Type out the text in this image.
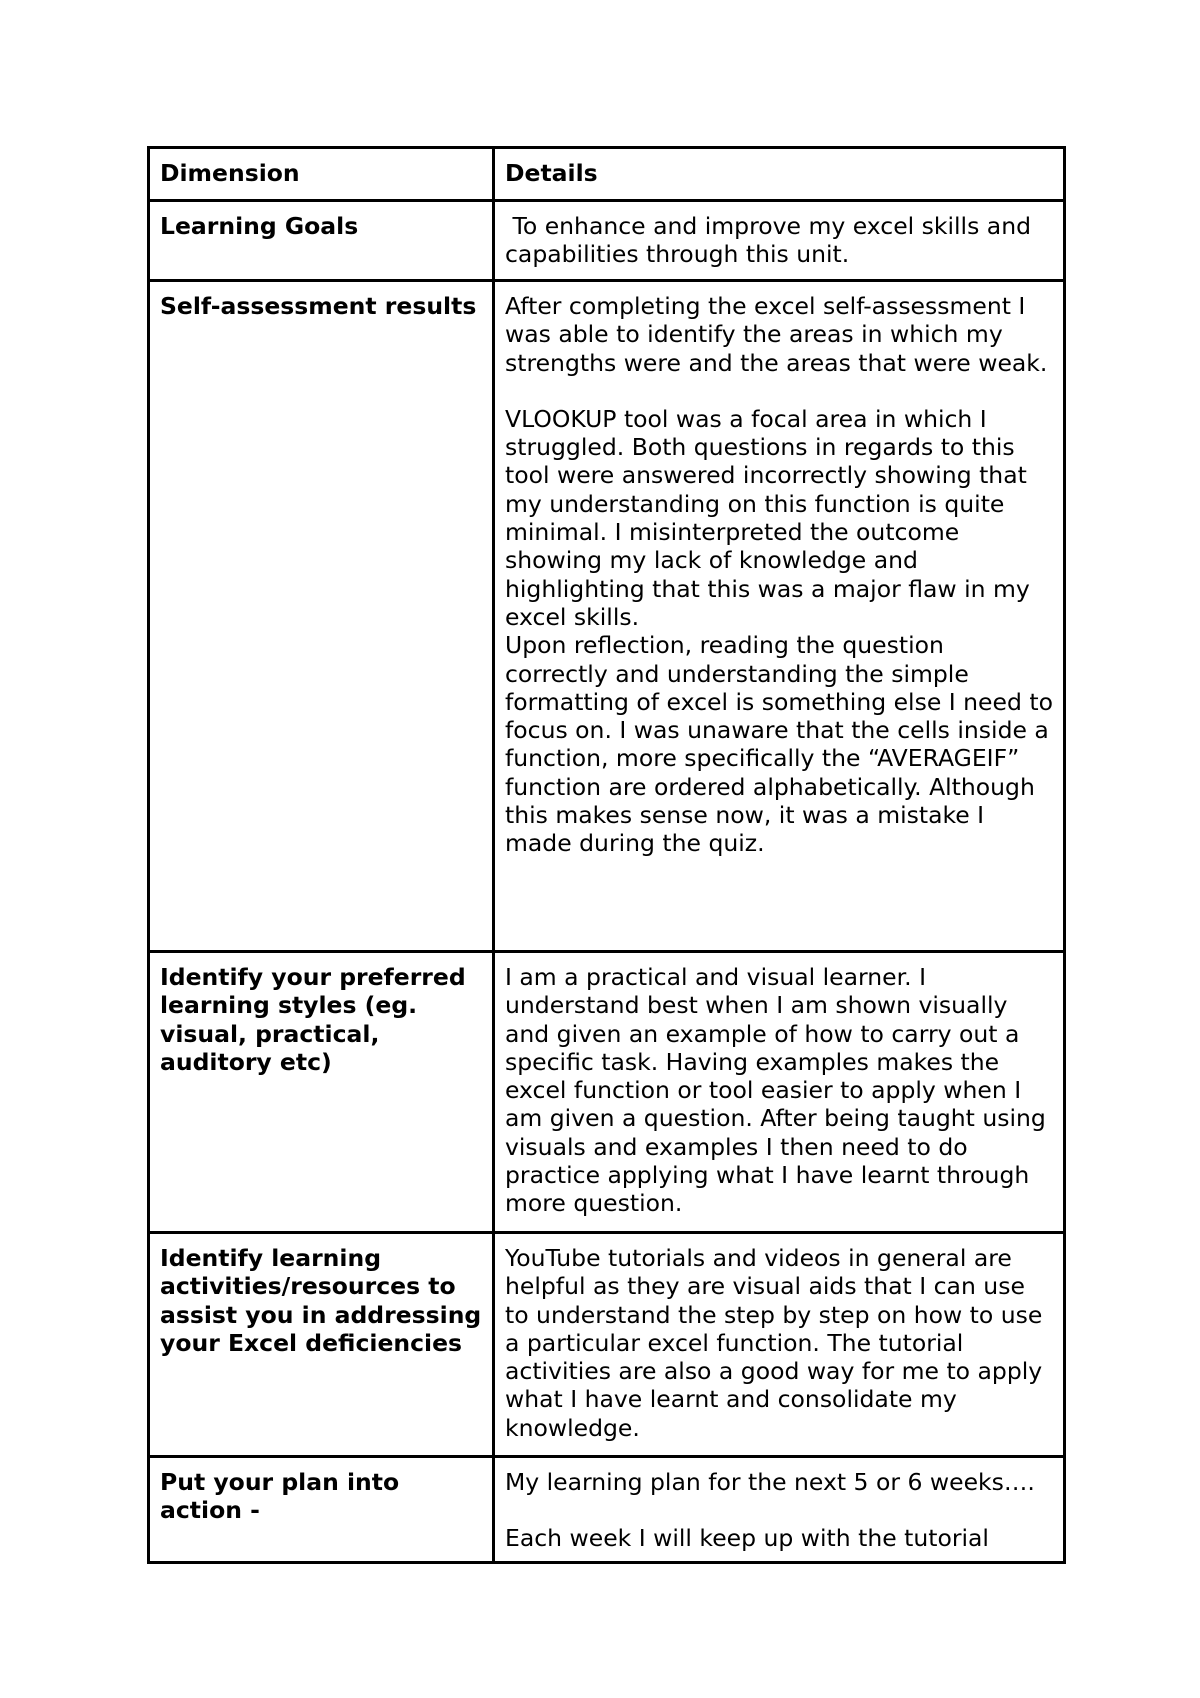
Dimension	Details
Learning Goals	To enhance and improve my excel skills and capabilities through this unit.

Self-assessment results	After completing the excel self-assessment I was able to identify the areas in which my strengths were and the areas that were weak.

VLOOKUP tool was a focal area in which I struggled. Both questions in regards to this tool were answered incorrectly showing that my understanding on this function is quite minimal. I misinterpreted the outcome showing my lack of knowledge and highlighting that this was a major flaw in my excel skills.

Upon reflection, reading the question correctly and understanding the simple formatting of excel is something else I need to focus on. I was unaware that the cells inside a function, more specifically the “AVERAGEIF” function are ordered alphabetically. Although this makes sense now, it was a mistake I made during the quiz.

Identify your preferred learning styles (eg. visual, practical, auditory etc)	I am a practical and visual learner. I understand best when I am shown visually and given an example of how to carry out a specific task. Having examples makes the excel function or tool easier to apply when I am given a question. After being taught using visuals and examples I then need to do practice applying what I have learnt through more question.

Identify learning activities/resources to assist you in addressing your Excel deficiencies	YouTube tutorials and videos in general are helpful as they are visual aids that I can use to understand the step by step on how to use a particular excel function. The tutorial activities are also a good way for me to apply what I have learnt and consolidate my knowledge.

Put your plan into action -	My learning plan for the next 5 or 6 weeks….

Each week I will keep up with the tutorial
